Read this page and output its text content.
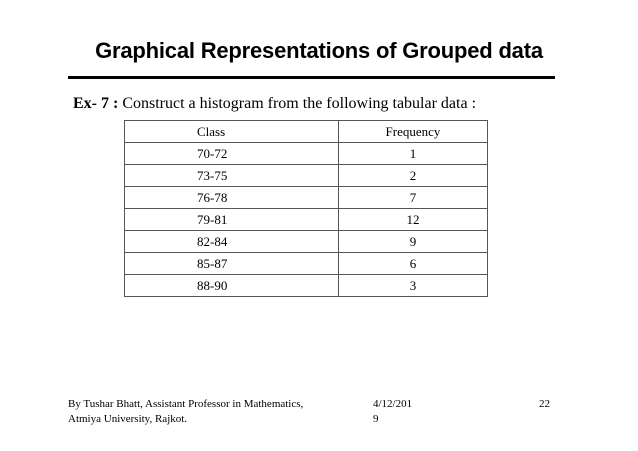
Graphical Representations of Grouped data
Ex- 7 : Construct a histogram from the following tabular data :
Class	Frequency
70-72	1
73-75	2
76-78	7
79-81	12
82-84	9
85-87	6
88-90	3
By Tushar Bhatt, Assistant Professor in Mathematics,
Atmiya University, Rajkot.
4/12/201
9
22
